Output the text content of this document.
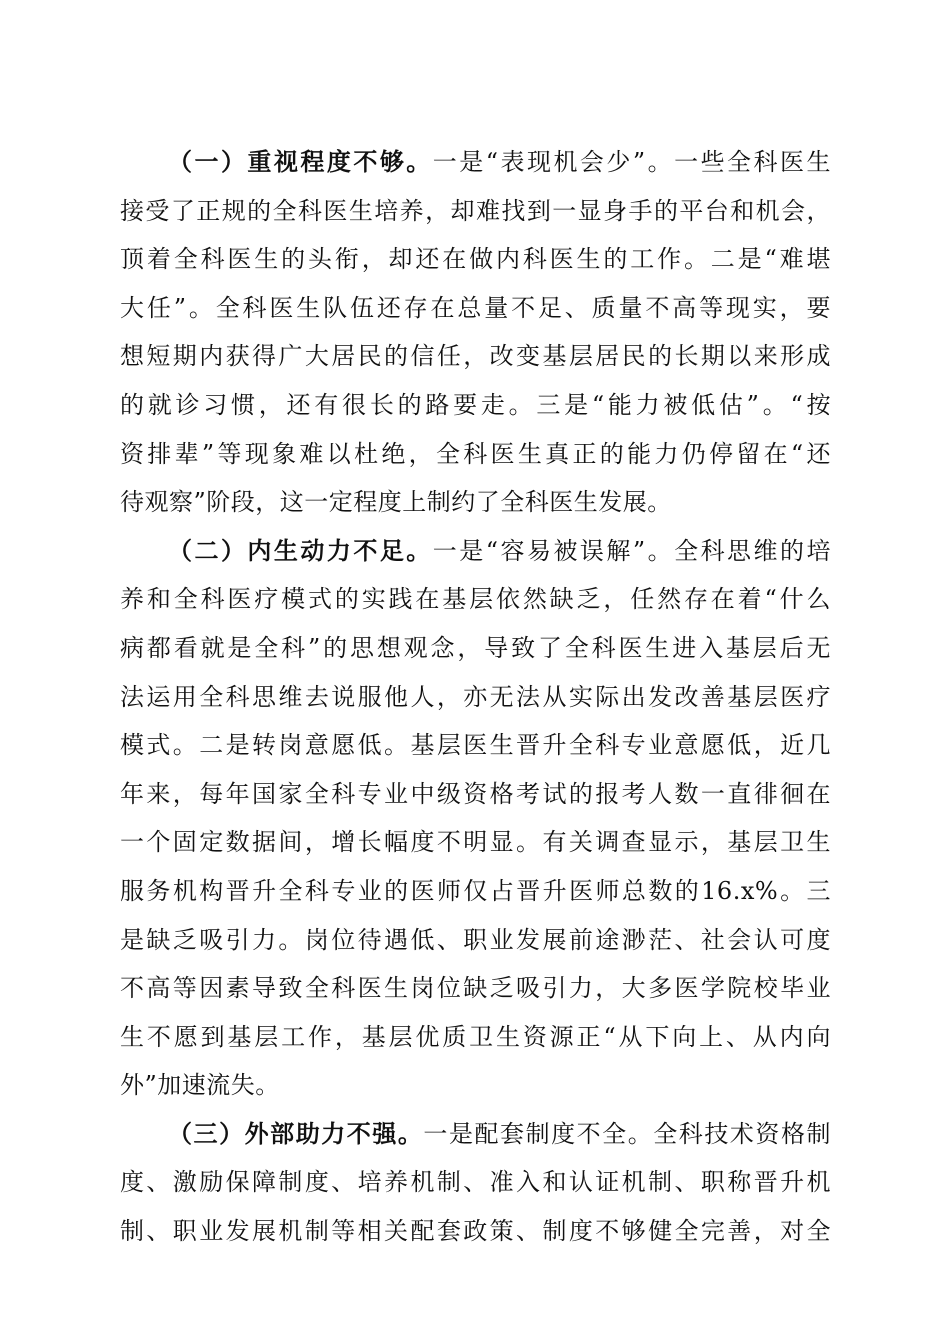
（一）重视程度不够。一是“表现机会少”。一些全科医生
接受了正规的全科医生培养，却难找到一显身手的平台和机会，
顶着全科医生的头衔，却还在做内科医生的工作。二是“难堪
大任”。全科医生队伍还存在总量不足、质量不高等现实，要
想短期内获得广大居民的信任，改变基层居民的长期以来形成
的就诊习惯，还有很长的路要走。三是“能力被低估”。“按
资排辈”等现象难以杜绝，全科医生真正的能力仍停留在“还
待观察”阶段，这一定程度上制约了全科医生发展。
（二）内生动力不足。一是“容易被误解”。全科思维的培
养和全科医疗模式的实践在基层依然缺乏，任然存在着“什么
病都看就是全科”的思想观念，导致了全科医生进入基层后无
法运用全科思维去说服他人，亦无法从实际出发改善基层医疗
模式。二是转岗意愿低。基层医生晋升全科专业意愿低，近几
年来，每年国家全科专业中级资格考试的报考人数一直徘徊在
一个固定数据间，增长幅度不明显。有关调查显示，基层卫生
服务机构晋升全科专业的医师仅占晋升医师总数的16.x%。三
是缺乏吸引力。岗位待遇低、职业发展前途渺茫、社会认可度
不高等因素导致全科医生岗位缺乏吸引力，大多医学院校毕业
生不愿到基层工作，基层优质卫生资源正“从下向上、从内向
外”加速流失。
（三）外部助力不强。一是配套制度不全。全科技术资格制
度、激励保障制度、培养机制、准入和认证机制、职称晋升机
制、职业发展机制等相关配套政策、制度不够健全完善，对全
